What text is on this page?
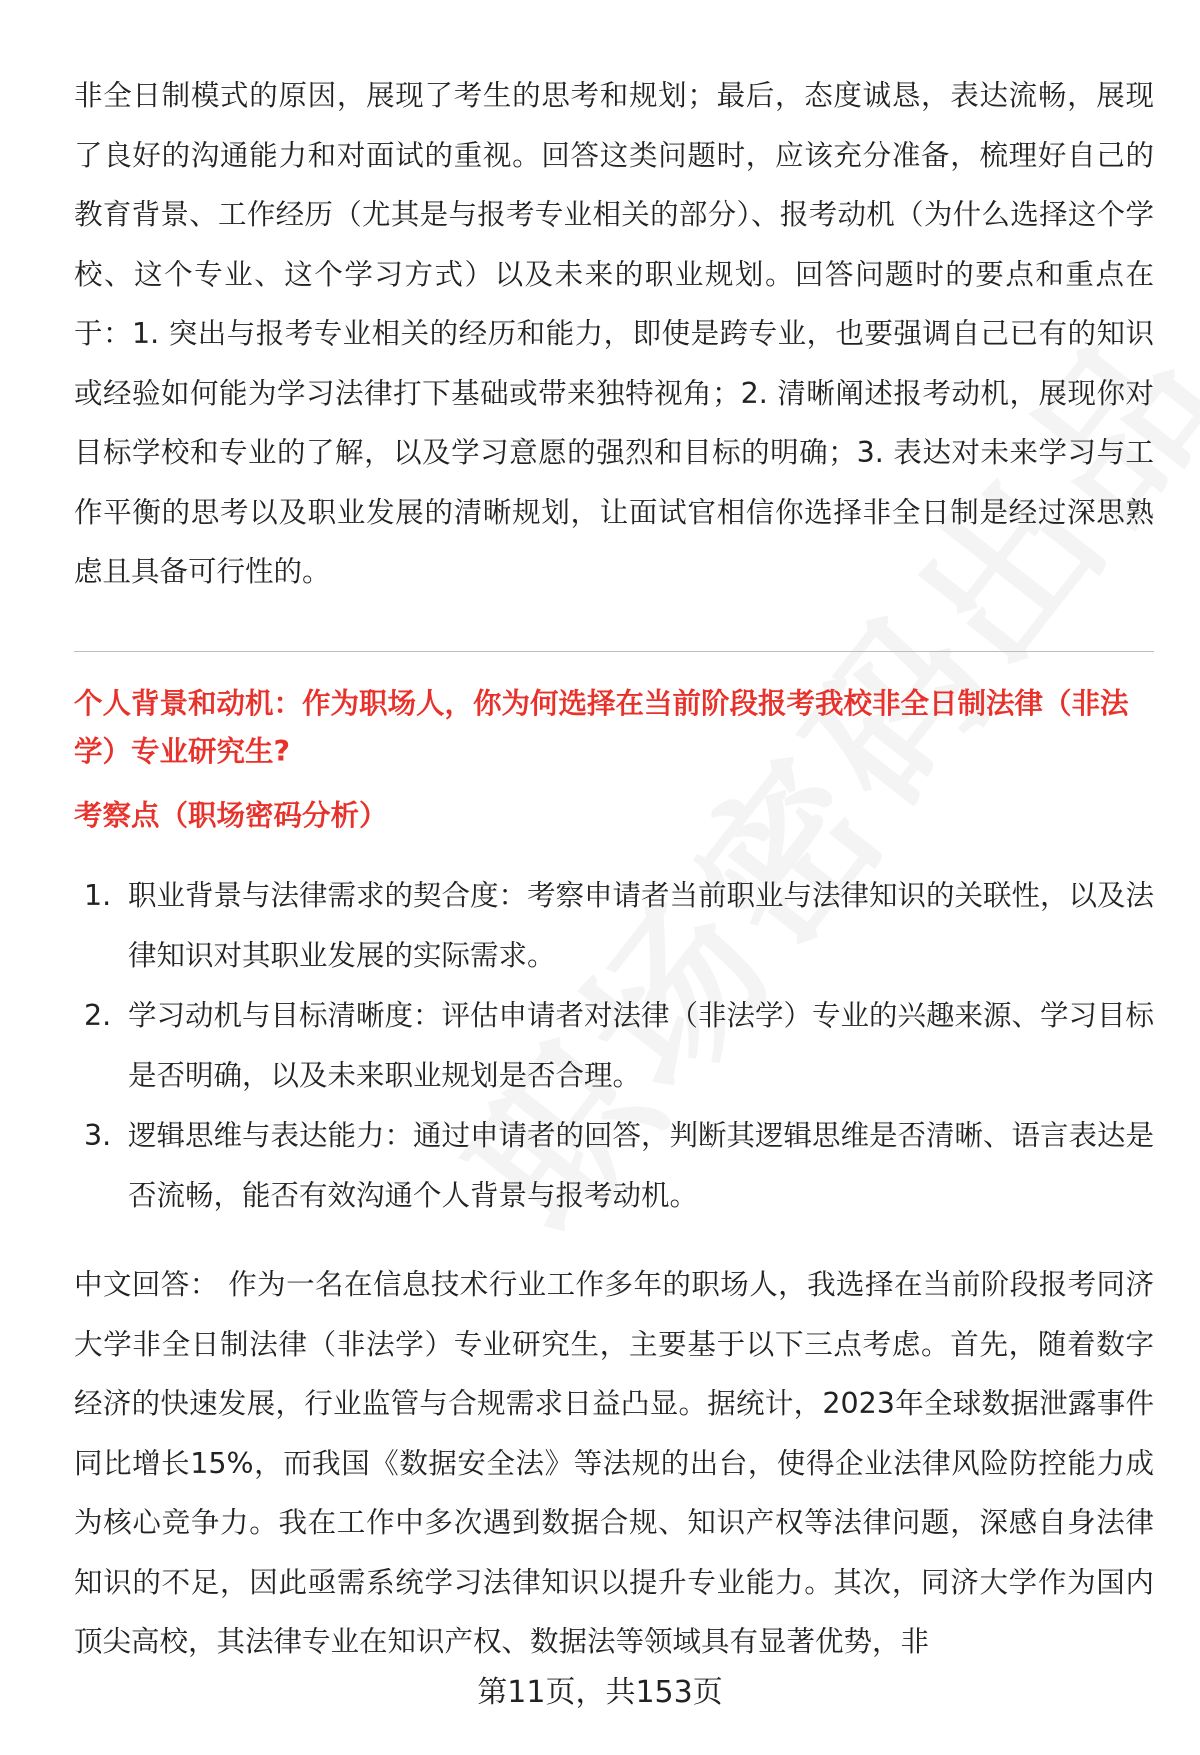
非全日制模式的原因，展现了考生的思考和规划；最后，态度诚恳，表达流畅，展现了良好的沟通能力和对面试的重视。回答这类问题时，应该充分准备，梳理好自己的教育背景、工作经历（尤其是与报考专业相关的部分）、报考动机（为什么选择这个学校、这个专业、这个学习方式）以及未来的职业规划。回答问题时的要点和重点在于：1. 突出与报考专业相关的经历和能力，即使是跨专业，也要强调自己已有的知识或经验如何能为学习法律打下基础或带来独特视角；2. 清晰阐述报考动机，展现你对目标学校和专业的了解，以及学习意愿的强烈和目标的明确；3. 表达对未来学习与工作平衡的思考以及职业发展的清晰规划，让面试官相信你选择非全日制是经过深思熟虑且具备可行性的。

个人背景和动机：作为职场人，你为何选择在当前阶段报考我校非全日制法律（非法学）专业研究生?
考察点（职场密码分析）
1. 职业背景与法律需求的契合度：考察申请者当前职业与法律知识的关联性，以及法律知识对其职业发展的实际需求。
2. 学习动机与目标清晰度：评估申请者对法律（非法学）专业的兴趣来源、学习目标是否明确，以及未来职业规划是否合理。
3. 逻辑思维与表达能力：通过申请者的回答，判断其逻辑思维是否清晰、语言表达是否流畅，能否有效沟通个人背景与报考动机。

中文回答： 作为一名在信息技术行业工作多年的职场人，我选择在当前阶段报考同济大学非全日制法律（非法学）专业研究生，主要基于以下三点考虑。首先，随着数字经济的快速发展，行业监管与合规需求日益凸显。据统计，2023年全球数据泄露事件同比增长15%，而我国《数据安全法》等法规的出台，使得企业法律风险防控能力成为核心竞争力。我在工作中多次遇到数据合规、知识产权等法律问题，深感自身法律知识的不足，因此亟需系统学习法律知识以提升专业能力。其次，同济大学作为国内顶尖高校，其法律专业在知识产权、数据法等领域具有显著优势，非

第11页，共153页
